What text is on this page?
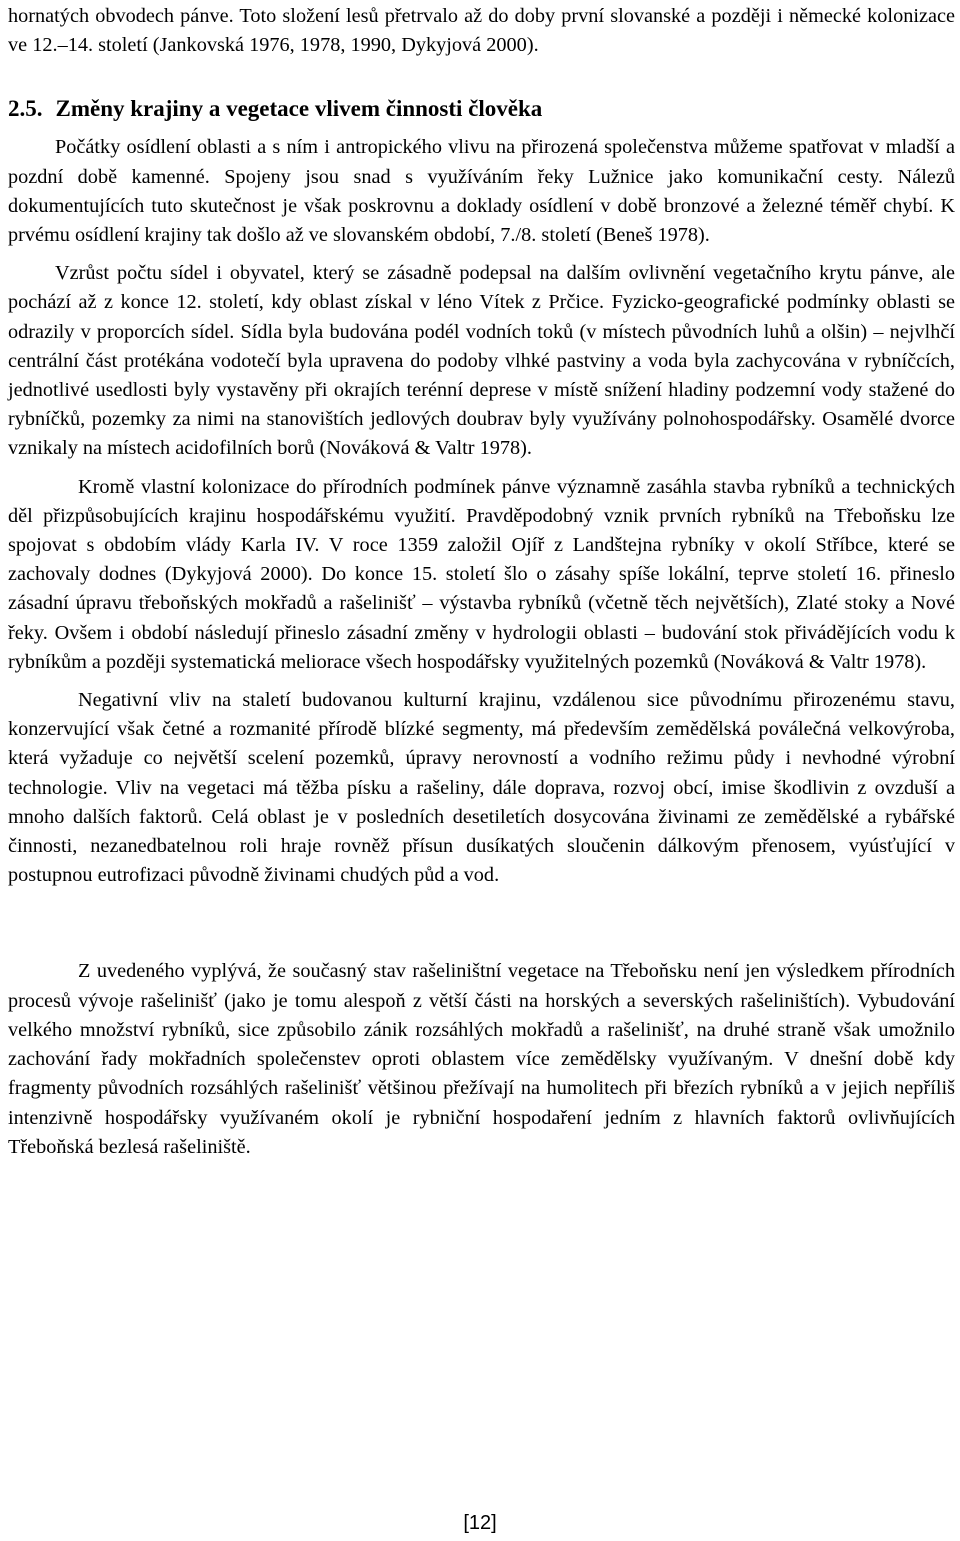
hornatých obvodech pánve. Toto složení lesů přetrvalo až do doby první slovanské a později i německé kolonizace ve 12.–14. století (Jankovská 1976, 1978, 1990, Dykyjová 2000).

2.5. Změny krajiny a vegetace vlivem činnosti člověka

Počátky osídlení oblasti a s ním i antropického vlivu na přirozená společenstva můžeme spatřovat v mladší a pozdní době kamenné. Spojeny jsou snad s využíváním řeky Lužnice jako komunikační cesty. Nálezů dokumentujících tuto skutečnost je však poskrovnu a doklady osídlení v době bronzové a železné téměř chybí. K prvému osídlení krajiny tak došlo až ve slovanském období, 7./8. století (Beneš 1978).

Vzrůst počtu sídel i obyvatel, který se zásadně podepsal na dalším ovlivnění vegetačního krytu pánve, ale pochází až z konce 12. století, kdy oblast získal v léno Vítek z Prčice. Fyzicko-geografické podmínky oblasti se odrazily v proporcích sídel. Sídla byla budována podél vodních toků (v místech původních luhů a olšin) – nejvlhčí centrální část protékána vodotečí byla upravena do podoby vlhké pastviny a voda byla zachycována v rybníčcích, jednotlivé usedlosti byly vystavěny při okrajích terénní deprese v místě snížení hladiny podzemní vody stažené do rybníčků, pozemky za nimi na stanovištích jedlových doubrav byly využívány polnohospodářsky. Osamělé dvorce vznikaly na místech acidofilních borů (Nováková & Valtr 1978).

Kromě vlastní kolonizace do přírodních podmínek pánve významně zasáhla stavba rybníků a technických děl přizpůsobujících krajinu hospodářskému využití. Pravděpodobný vznik prvních rybníků na Třeboňsku lze spojovat s obdobím vlády Karla IV. V roce 1359 založil Ojíř z Landštejna rybníky v okolí Stříbce, které se zachovaly dodnes (Dykyjová 2000). Do konce 15. století šlo o zásahy spíše lokální, teprve století 16. přineslo zásadní úpravu třeboňských mokřadů a rašelinišť – výstavba rybníků (včetně těch největších), Zlaté stoky a Nové řeky. Ovšem i období následují přineslo zásadní změny v hydrologii oblasti – budování stok přivádějících vodu k rybníkům a později systematická meliorace všech hospodářsky využitelných pozemků (Nováková & Valtr 1978).

Negativní vliv na staletí budovanou kulturní krajinu, vzdálenou sice původnímu přirozenému stavu, konzervující však četné a rozmanité přírodě blízké segmenty, má především zemědělská poválečná velkovýroba, která vyžaduje co největší scelení pozemků, úpravy nerovností a vodního režimu půdy i nevhodné výrobní technologie. Vliv na vegetaci má těžba písku a rašeliny, dále doprava, rozvoj obcí, imise škodlivin z ovzduší a mnoho dalších faktorů. Celá oblast je v posledních desetiletích dosycována živinami ze zemědělské a rybářské činnosti, nezanedbatelnou roli hraje rovněž přísun dusíkatých sloučenin dálkovým přenosem, vyúsťující v postupnou eutrofizaci původně živinami chudých půd a vod.

Z uvedeného vyplývá, že současný stav rašeliništní vegetace na Třeboňsku není jen výsledkem přírodních procesů vývoje rašelinišť (jako je tomu alespoň z větší části na horských a severských rašeliništích). Vybudování velkého množství rybníků, sice způsobilo zánik rozsáhlých mokřadů a rašelinišť, na druhé straně však umožnilo zachování řady mokřadních společenstev oproti oblastem více zemědělsky využívaným. V dnešní době kdy fragmenty původních rozsáhlých rašelinišť většinou přežívají na humolitech při březích rybníků a v jejich nepříliš intenzivně hospodářsky využívaném okolí je rybniční hospodaření jedním z hlavních faktorů ovlivňujících Třeboňská bezlesá rašeliniště.

[12]
